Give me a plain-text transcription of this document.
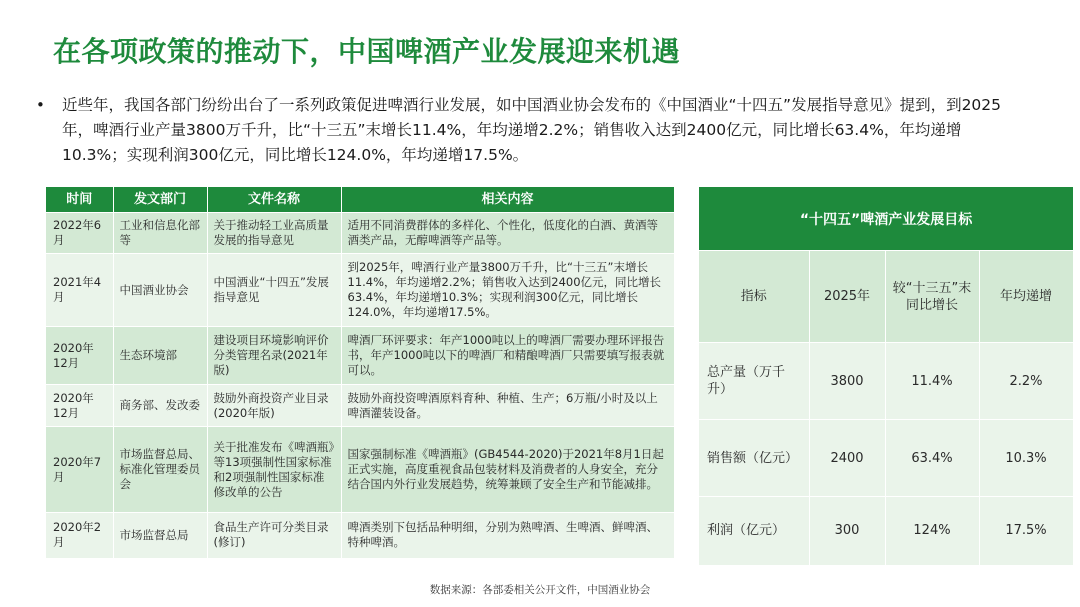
在各项政策的推动下，中国啤酒产业发展迎来机遇
• 近些年，我国各部门纷纷出台了一系列政策促进啤酒行业发展，如中国酒业协会发布的《中国酒业“十四五”发展指导意见》提到，到2025年，啤酒行业产量3800万千升，比“十三五”末增长11.4%，年均递增2.2%；销售收入达到2400亿元，同比增长63.4%，年均递增10.3%；实现利润300亿元，同比增长124.0%，年均递增17.5%。
时间	发文部门	文件名称	相关内容
2022年6月	工业和信息化部等	关于推动轻工业高质量发展的指导意见	适用不同消费群体的多样化、个性化，低度化的白酒、黄酒等酒类产品，无醇啤酒等产品等。
2021年4月	中国酒业协会	中国酒业“十四五”发展指导意见	到2025年，啤酒行业产量3800万千升，比“十三五”末增长11.4%，年均递增2.2%；销售收入达到2400亿元，同比增长63.4%，年均递增10.3%；实现利润300亿元，同比增长124.0%，年均递增17.5%。
2020年12月	生态环境部	建设项目环境影响评价分类管理名录(2021年版)	啤酒厂环评要求：年产1000吨以上的啤酒厂需要办理环评报告书，年产1000吨以下的啤酒厂和精酿啤酒厂只需要填写报表就可以。
2020年12月	商务部、发改委	鼓励外商投资产业目录(2020年版)	鼓励外商投资啤酒原料育种、种植、生产；6万瓶/小时及以上啤酒灌装设备。
2020年7月	市场监督总局、标准化管理委员会	关于批准发布《啤酒瓶》等13项强制性国家标准和2项强制性国家标准修改单的公告	国家强制标准《啤酒瓶》(GB4544-2020)于2021年8月1日起正式实施，高度重视食品包装材料及消费者的人身安全，充分结合国内外行业发展趋势，统筹兼顾了安全生产和节能减排。
2020年2月	市场监督总局	食品生产许可分类目录(修订)	啤酒类别下包括品种明细，分别为熟啤酒、生啤酒、鲜啤酒、特种啤酒。
“十四五”啤酒产业发展目标			
指标	2025年	较“十三五”末同比增长	年均递增
总产量（万千升）	3800	11.4%	2.2%
销售额（亿元）	2400	63.4%	10.3%
利润（亿元）	300	124%	17.5%
数据来源：各部委相关公开文件，中国酒业协会
